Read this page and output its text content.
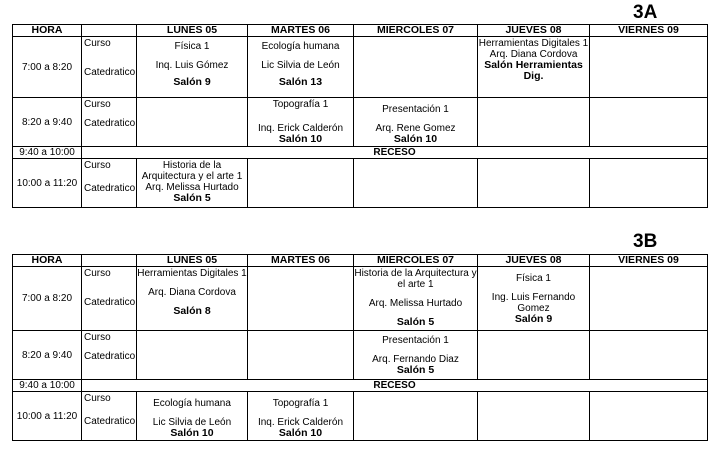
3A
HORA		LUNES 05	MARTES 06	MIERCOLES 07	JUEVES 08	VIERNES 09
7:00 a 8:20	Curso
Catedratico	Física 1
Inq. Luis Gómez
Salón 9	Ecología humana
Lic Silvia de León
Salón 13		Herramientas Digitales 1
Arq. Diana Cordova
Salón Herramientas Dig.	

8:20 a 9:40	Curso
Catedratico		Topografía 1
Inq. Erick Calderón
Salón 10	Presentación 1
Arq. Rene Gomez
Salón 10		

9:40 a 10:00	RECESO					
10:00 a 11:20	Curso
Catedratico	Historia de la Arquitectura y el arte 1
Arq. Melissa Hurtado
Salón 5				

3B
HORA		LUNES 05	MARTES 06	MIERCOLES 07	JUEVES 08	VIERNES 09
7:00 a 8:20	Curso
Catedratico	Herramientas Digitales 1
Arq. Diana Cordova
Salón 8		Historia de la Arquitectura y el arte 1
Arq. Melissa Hurtado
Salón 5	Física 1
Ing. Luis Fernando Gomez
Salón 9	

8:20 a 9:40	Curso
Catedratico			Presentación 1
Arq. Fernando Diaz
Salón 5		

9:40 a 10:00	RECESO					
10:00 a 11:20	Curso
Catedratico	Ecología humana
Lic Silvia de León
Salón 10	Topografía 1
Inq. Erick Calderón
Salón 10			
